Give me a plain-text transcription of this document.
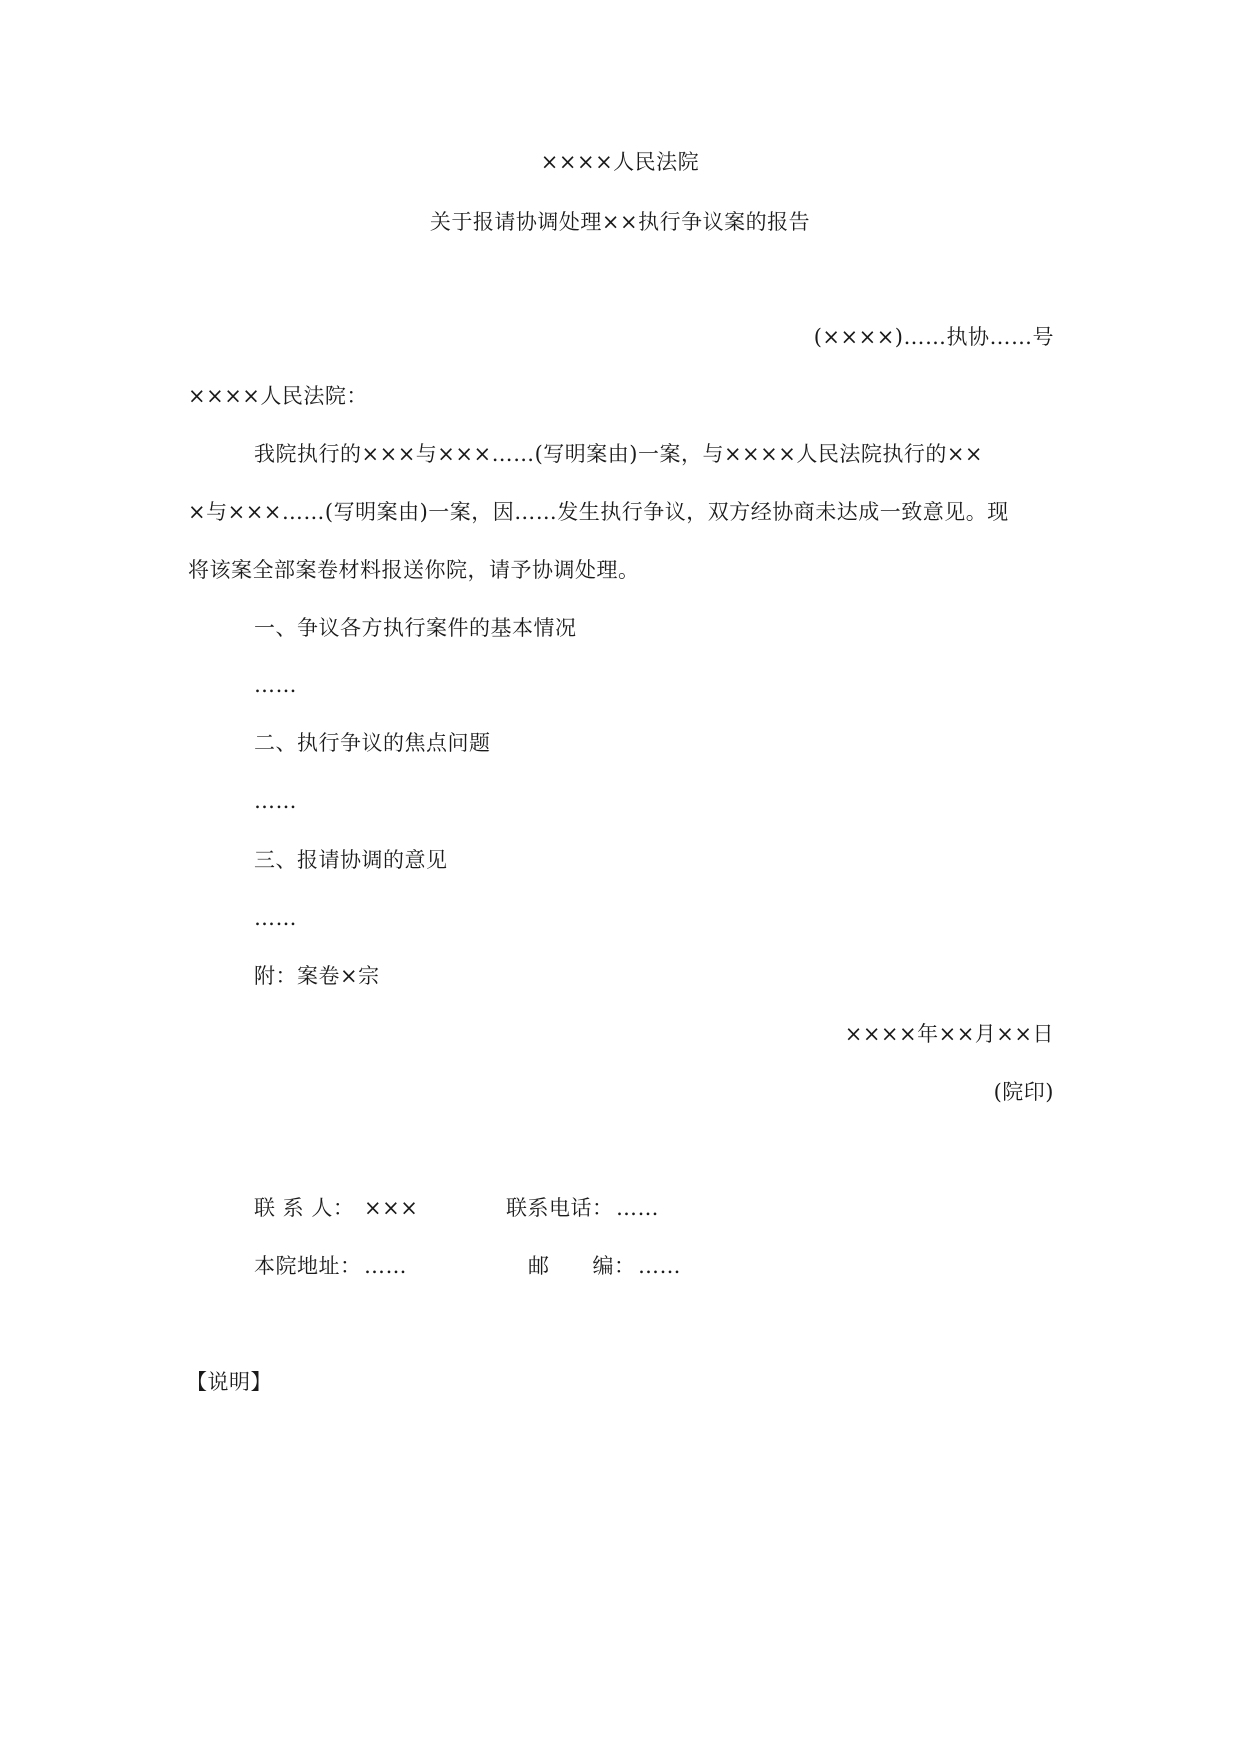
××××人民法院
关于报请协调处理××执行争议案的报告
(××××)……执协……号
××××人民法院：
我院执行的×××与×××……(写明案由)一案，与××××人民法院执行的××
×与×××……(写明案由)一案，因……发生执行争议，双方经协商未达成一致意见。现
将该案全部案卷材料报送你院，请予协调处理。
一、争议各方执行案件的基本情况
……
二、执行争议的焦点问题
……
三、报请协调的意见
……
附：案卷×宗
××××年××月××日
(院印)
联 系 人： ×××	联系电话： ……
本院地址： ……	邮　　编： ……
【说明】
